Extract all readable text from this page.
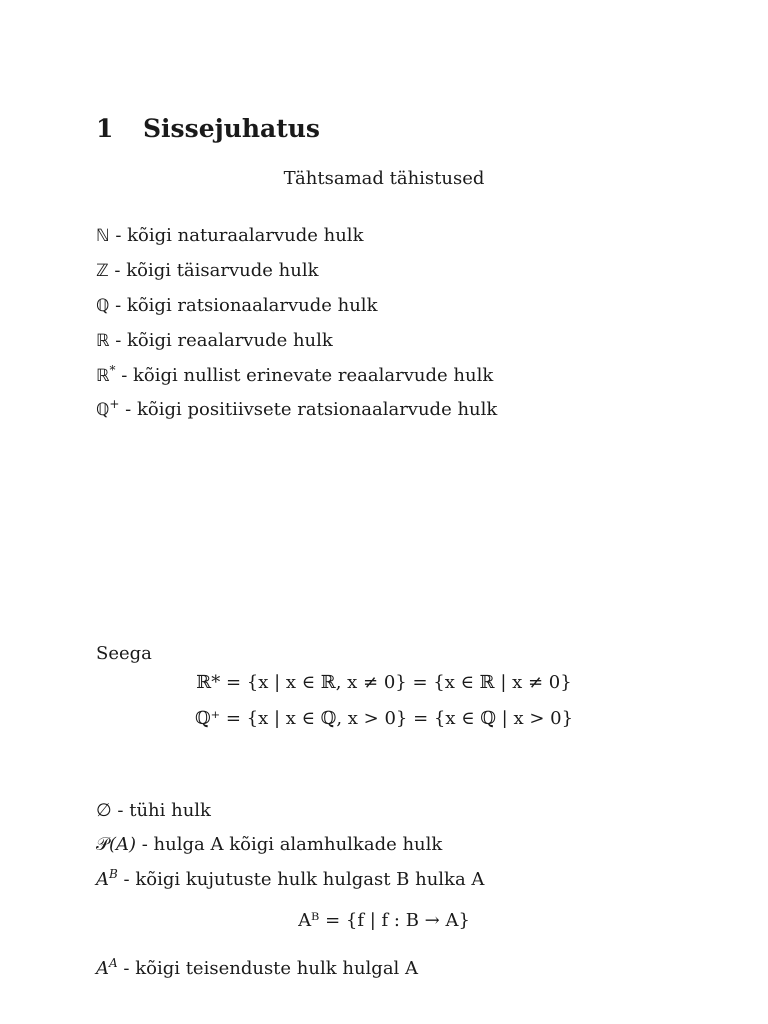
1 Sissejuhatus
Tähtsamad tähistused
ℕ - kõigi naturaalarvude hulk
ℤ - kõigi täisarvude hulk
ℚ - kõigi ratsionaalarvude hulk
ℝ - kõigi reaalarvude hulk
ℝ* - kõigi nullist erinevate reaalarvude hulk
ℚ+ - kõigi positiivsete ratsionaalarvude hulk
Seega
ℝ* = {x | x ∈ ℝ, x ≠ 0} = {x ∈ ℝ | x ≠ 0}
ℚ⁺ = {x | x ∈ ℚ, x > 0} = {x ∈ ℚ | x > 0}
∅ - tühi hulk
𝒫(A) - hulga A kõigi alamhulkade hulk
$A^B$ - kõigi kujutuste hulk hulgast B hulka A
Aᴮ = {f | f : B → A}
$A^A$ - kõigi teisenduste hulk hulgal A
